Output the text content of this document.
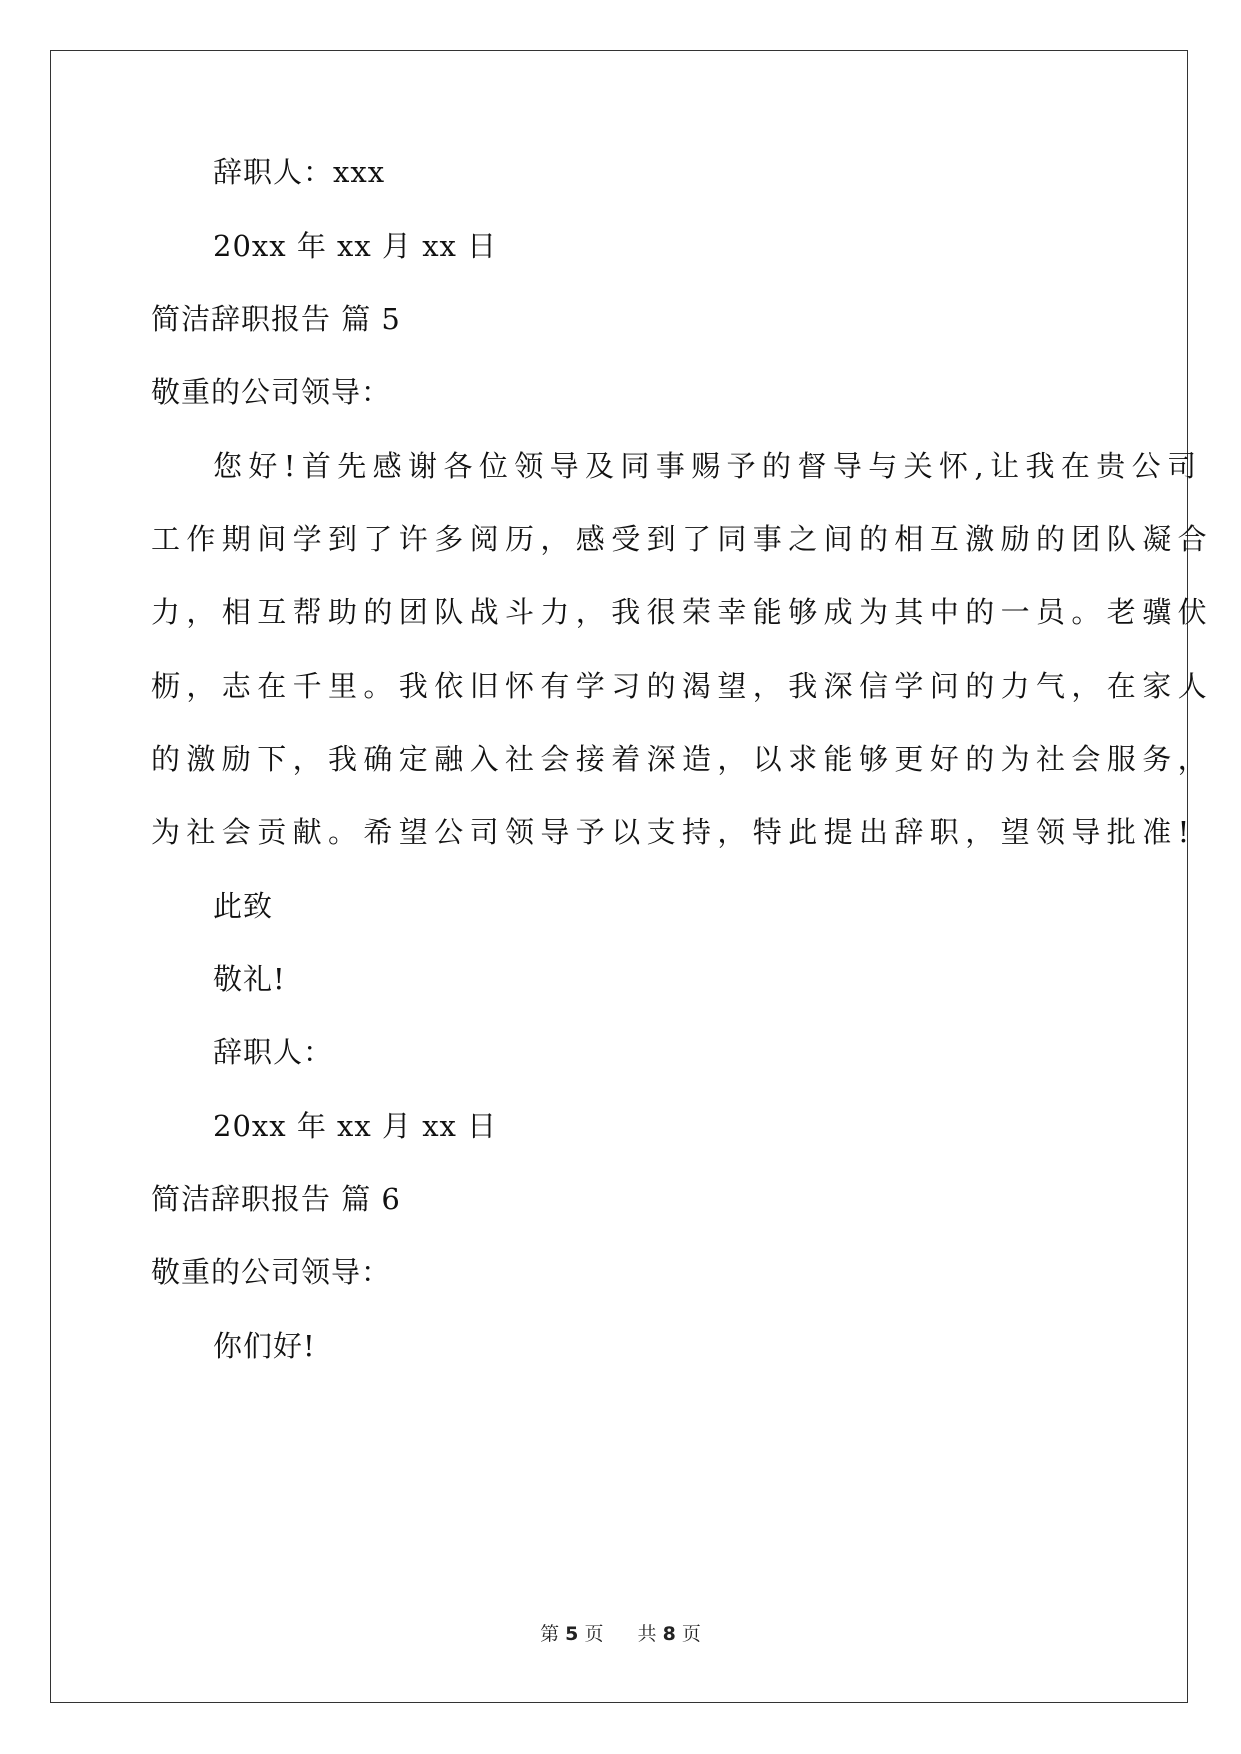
辞职人：xxx

20xx 年 xx 月 xx 日

简洁辞职报告 篇 5

敬重的公司领导：

您好!首先感谢各位领导及同事赐予的督导与关怀,让我在贵公司

工作期间学到了许多阅历，感受到了同事之间的相互激励的团队凝合

力，相互帮助的团队战斗力，我很荣幸能够成为其中的一员。老骥伏

枥，志在千里。我依旧怀有学习的渴望，我深信学问的力气，在家人

的激励下，我确定融入社会接着深造，以求能够更好的为社会服务，

为社会贡献。希望公司领导予以支持，特此提出辞职，望领导批准!

此致

敬礼!

辞职人：

20xx 年 xx 月 xx 日

简洁辞职报告 篇 6

敬重的公司领导：

你们好!

第 5 页 共 8 页
